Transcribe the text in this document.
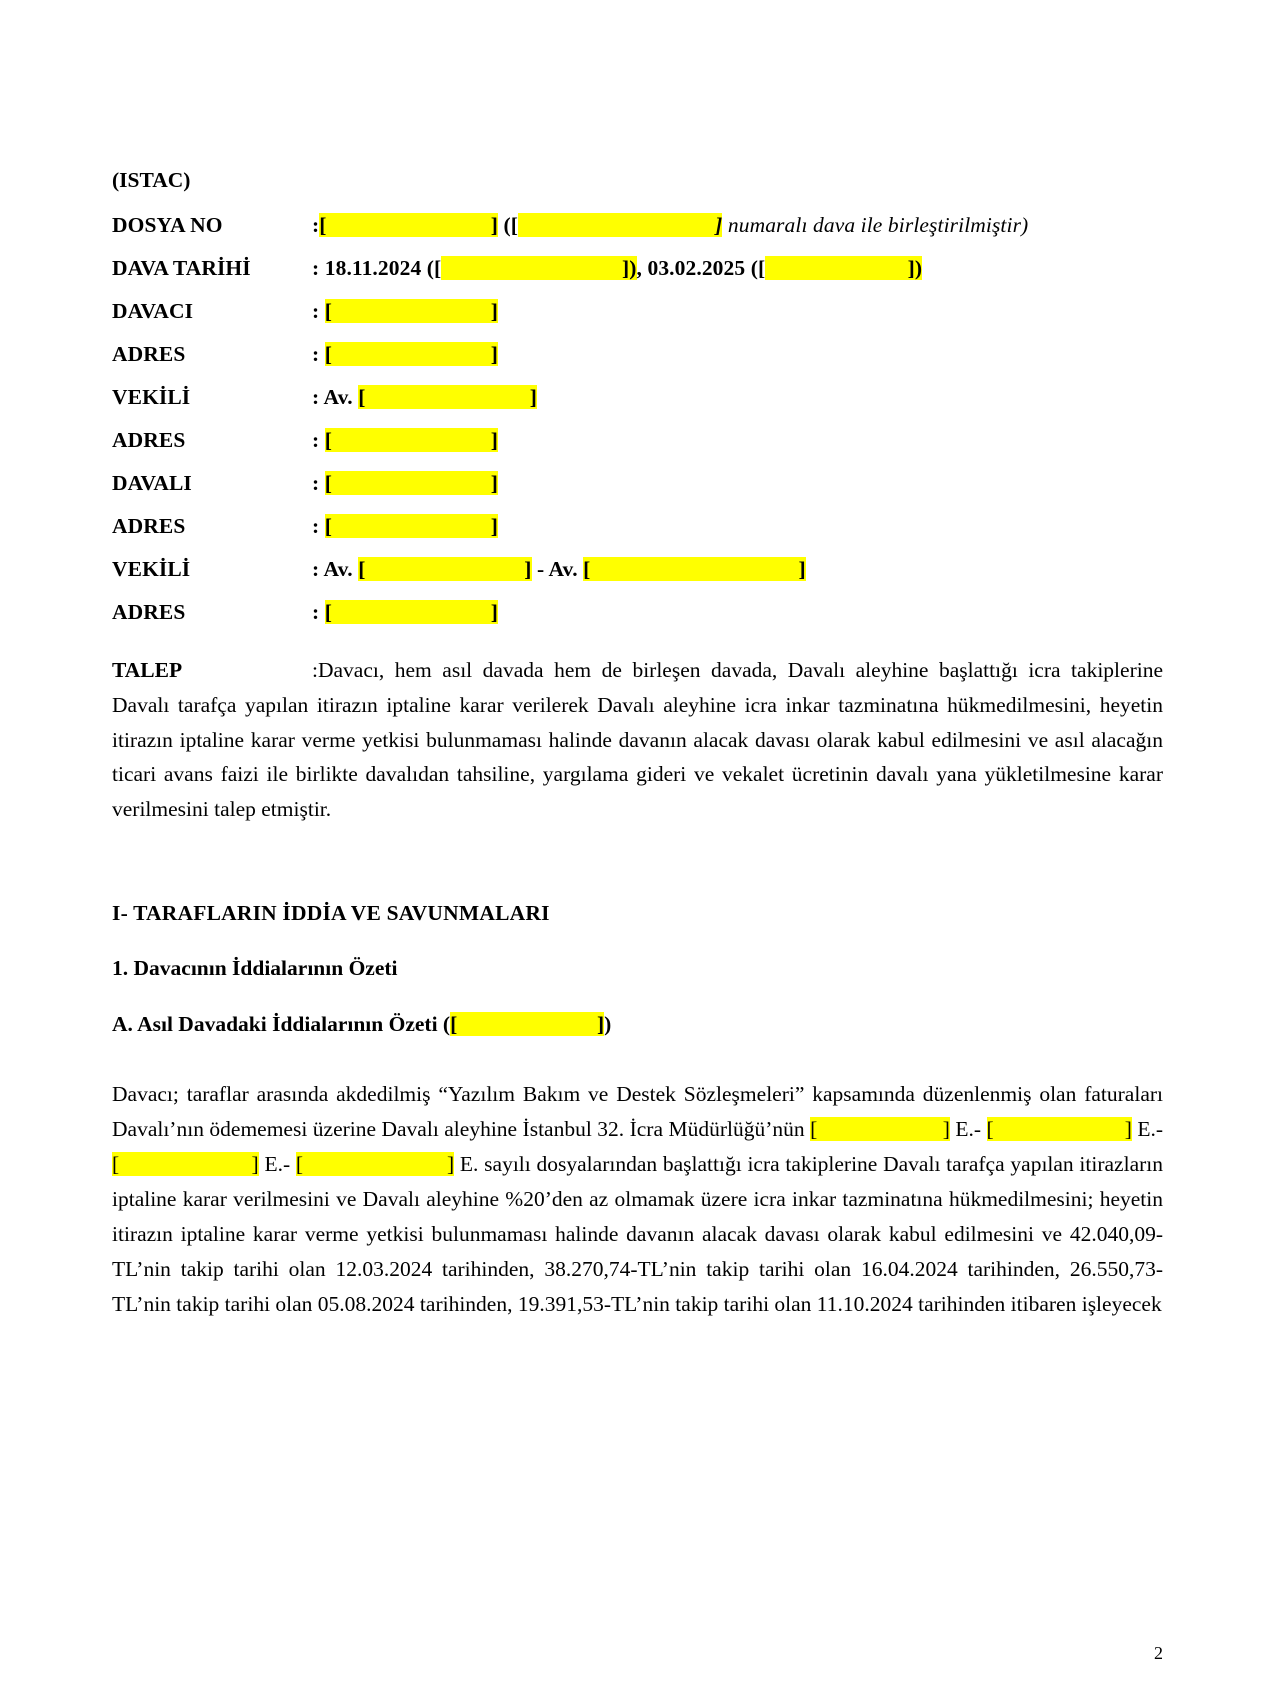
(ISTAC)
DOSYA NO	:[                              ] ([                                    ] numaralı dava ile birleştirilmiştir)
DAVA TARİHİ	: 18.11.2024 ([                                 ]), 03.02.2025 ([                          ])
DAVACI	: [                             ]
ADRES	: [                             ]
VEKİLİ	: Av. [                              ]
ADRES	: [                             ]
DAVALI	: [                             ]
ADRES	: [                             ]
VEKİLİ	: Av. [                             ] - Av. [                                      ]
ADRES	: [                             ]
TALEP	:Davacı, hem asıl davada hem de birleşen davada, Davalı aleyhine başlattığı icra takiplerine Davalı tarafça yapılan itirazın iptaline karar verilerek Davalı aleyhine icra inkar tazminatına hükmedilmesini, heyetin itirazın iptaline karar verme yetkisi bulunmaması halinde davanın alacak davası olarak kabul edilmesini ve asıl alacağın ticari avans faizi ile birlikte davalıdan tahsiline, yargılama gideri ve vekalet ücretinin davalı yana yükletilmesine karar verilmesini talep etmiştir.
I- TARAFLARIN İDDİA VE SAVUNMALARI
1. Davacının İddialarının Özeti
A. Asıl Davadaki İddialarının Özeti ([                          ])

Davacı; taraflar arasında akdedilmiş “Yazılım Bakım ve Destek Sözleşmeleri” kapsamında düzenlenmiş olan faturaları Davalı’nın ödememesi üzerine Davalı aleyhine İstanbul 32. İcra Müdürlüğü’nün [                       ] E.- [                        ] E.- [                       ] E.- [                         ] E. sayılı dosyalarından başlattığı icra takiplerine Davalı tarafça yapılan itirazların iptaline karar verilmesini ve Davalı aleyhine %20’den az olmamak üzere icra inkar tazminatına hükmedilmesini; heyetin itirazın iptaline karar verme yetkisi bulunmaması halinde davanın alacak davası olarak kabul edilmesini ve 42.040,09-TL’nin takip tarihi olan 12.03.2024 tarihinden, 38.270,74-TL’nin takip tarihi olan 16.04.2024 tarihinden, 26.550,73-TL’nin takip tarihi olan 05.08.2024 tarihinden, 19.391,53-TL’nin takip tarihi olan 11.10.2024 tarihinden itibaren işleyecek

2
